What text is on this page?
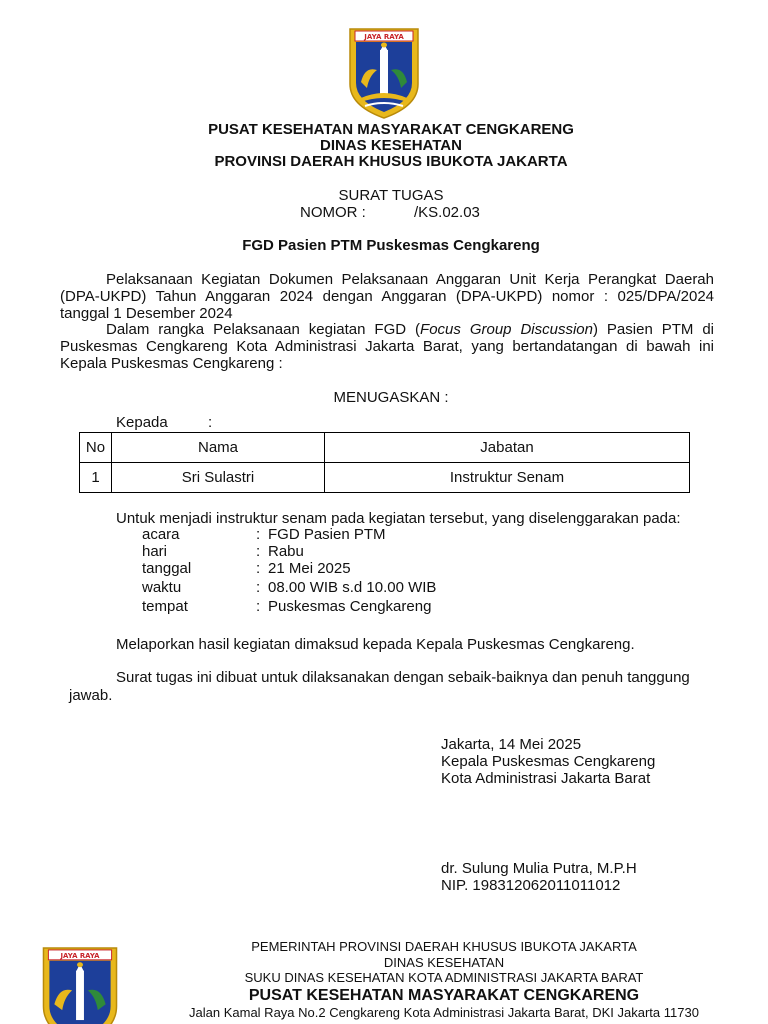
JAYA RAYA
PUSAT KESEHATAN MASYARAKAT CENGKARENG
DINAS KESEHATAN
PROVINSI DAERAH KHUSUS IBUKOTA JAKARTA
SURAT TUGAS
NOMOR :	/KS.02.03
FGD Pasien PTM Puskesmas Cengkareng
Pelaksanaan Kegiatan Dokumen Pelaksanaan Anggaran Unit Kerja Perangkat Daerah (DPA-UKPD) Tahun Anggaran 2024 dengan Anggaran (DPA-UKPD) nomor : 025/DPA/2024 tanggal 1 Desember 2024
Dalam rangka Pelaksanaan kegiatan FGD (Focus Group Discussion) Pasien PTM di Puskesmas Cengkareng Kota Administrasi Jakarta Barat, yang bertandatangan di bawah ini Kepala Puskesmas Cengkareng :
MENUGASKAN :
Kepada	:
No	Nama	Jabatan
1	Sri Sulastri	Instruktur Senam
Untuk menjadi instruktur senam pada kegiatan tersebut, yang diselenggarakan pada:
acara	: FGD Pasien PTM
hari	: Rabu
tanggal	: 21 Mei 2025
waktu	: 08.00 WIB s.d 10.00 WIB
tempat	: Puskesmas Cengkareng
Melaporkan hasil kegiatan dimaksud kepada Kepala Puskesmas Cengkareng.
Surat tugas ini dibuat untuk dilaksanakan dengan sebaik-baiknya dan penuh tanggung
jawab.
Jakarta, 14 Mei 2025
Kepala Puskesmas Cengkareng
Kota Administrasi Jakarta Barat
dr. Sulung Mulia Putra, M.P.H
NIP. 198312062011011012
JAYA RAYA
PEMERINTAH PROVINSI DAERAH KHUSUS IBUKOTA JAKARTA
DINAS KESEHATAN
SUKU DINAS KESEHATAN KOTA ADMINISTRASI JAKARTA BARAT
PUSAT KESEHATAN MASYARAKAT CENGKARENG
Jalan Kamal Raya No.2 Cengkareng Kota Administrasi Jakarta Barat, DKI Jakarta 11730
